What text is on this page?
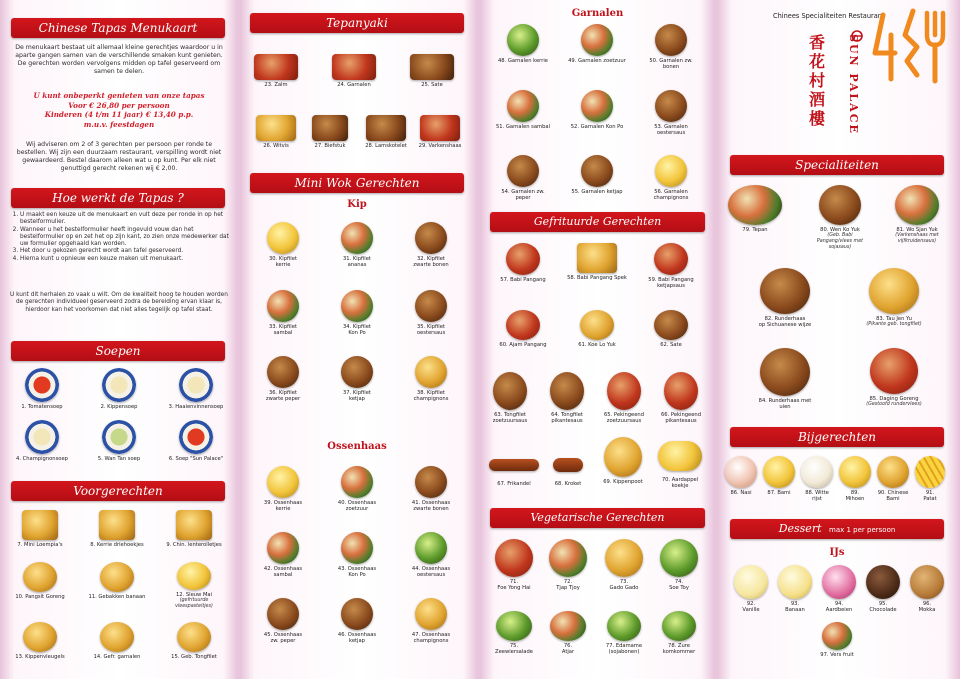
Chinese Tapas Menukaart
De menukaart bestaat uit allemaal kleine gerechtjes waardoor u in aparte gangen samen van de verschillende smaken kunt genieten. De gerechten worden vervolgens midden op tafel geserveerd om samen te delen.
U kunt onbeperkt genieten van onze tapas
Voor € 26,80 per persoon
Kinderen (4 t/m 11 jaar) € 13,40 p.p.
m.u.v. feestdagen
Wij adviseren om 2 of 3 gerechten per persoon per ronde te bestellen. Wij zijn een duurzaam restaurant, verspilling wordt niet gewaardeerd. Bestel daarom alleen wat u op kunt. Per elk niet genuttigd gerecht rekenen wij € 2,00.
Hoe werkt de Tapas ?
1. U maakt een keuze uit de menukaart en vult deze per ronde in op het bestelformulier.
2. Wanneer u het bestelformulier heeft ingevuld vouw dan het bestelformulier op en zet het op zijn kant, zo zien onze medewerker dat uw formulier opgehaald kan worden.
3. Het door u gekozen gerecht wordt aan tafel geserveerd.
4. Hierna kunt u opnieuw een keuze maken uit menukaart.
U kunt dit herhalen zo vaak u wilt. Om de kwaliteit hoog te houden worden de gerechten individueel geserveerd zodra de bereiding ervan klaar is, hierdoor kan het voorkomen dat niet alles tegelijk op tafel staat.
Soepen
1. Tomatensoep	2. Kippensoep	3. Haaienvinnensoep
4. Champignonsoep	5. Wan Tan soep	6. Soep "Sun Palace"
Voorgerechten
7. Mini Loempia's	8. Kerrie driehoekjes	9. Chin. lenterolletjes
10. Pangsit Goreng	11. Gebakken banaan	12. Sleuw Mai
(gefrituurde vleespasteitjes)
13. Kippenvleugels	14. Gefr. garnalen	15. Geb. Tongfilet
Tepanyaki
23. Zalm	24. Garnalen	25. Sate
26. Witvis	27. Biefstuk	28. Lamskotelet	29. Varkenshaas
Mini Wok Gerechten
Kip
30. Kipfilet
kerrie
31. Kipfilet
ananas
32. Kipfilet
zwarte bonen
33. Kipfilet
sambal
34. Kipfilet
Kon Po
35. Kipfilet
oestersaus
36. Kipfilet
zwarte peper
37. Kipfilet
ketjap
38. Kipfilet
champignons
Ossenhaas
39. Ossenhaas
kerrie
40. Ossenhaas
zoetzuur
41. Ossenhaas
zwarte bonen
42. Ossenhaas
sambal
43. Ossenhaas
Kon Po
44. Ossenhaas
oestersaus
45. Ossenhaas
zw. peper
46. Ossenhaas
ketjap
47. Ossenhaas
champignons
Garnalen
48. Garnalen kerrie	49. Garnalen zoetzuur	50. Garnalen zw. bonen
51. Garnalen sambal	52. Garnalen Kon Po	53. Garnalen oestersaus
54. Garnalen zw. peper
55. Garnalen ketjap	56. Garnalen champignons
Gefrituurde Gerechten
57. Babi Pangang	58. Babi Pangang Spek	59. Babi Pangang
ketjapsaus
60. Ajam Pangang	61. Koe Lo Yuk	62. Sate
63. Tongfilet
zoetzuursaus
64. Tongfilet
pikantesaus
65. Pekingeend
zoetzuursaus
66. Pekingeend
pikantesaus
67. Frikandel	68. Kroket	69. Kippenpoot	70. Aardappel
koekje
Vegetarische Gerechten
71.
Foe Yong Hai
72.
Tjap Tjoy
73.
Gado Gado
74.
Soe Toy
75.
Zeewiersalade
76.
Atjar
77. Edamame
(sojabonen)
78. Zure
komkommer
Chinees Specialiteiten Restaurant
香
花
村
酒
樓 SUN PALACE
Specialiteiten
79. Tepan	80. Wen Ko Yuk
(Geb. Babi Pangang/vlees met sojasaus)
81. Wo Sjan Yuk
(Varkenshaas met vijfkruidensaus)
82. Runderhaas
op Sichuanese wijze
83. Tau Jen Yu
(Pikante geb. tongfilet)
84. Runderhaas met uien
85. Daging Goreng
(Gestoofd rundervlees)
Bijgerechten
86. Nasi	87. Bami	88. Witte
rijst
89.
Mihoen
90. Chinese
Bami
91.
Patat
Dessert max 1 per persoon
IJs
92.
Vanille
93.
Banaan
94.
Aardbeien
95.
Chocolade
96.
Mokka
97. Vers fruit
